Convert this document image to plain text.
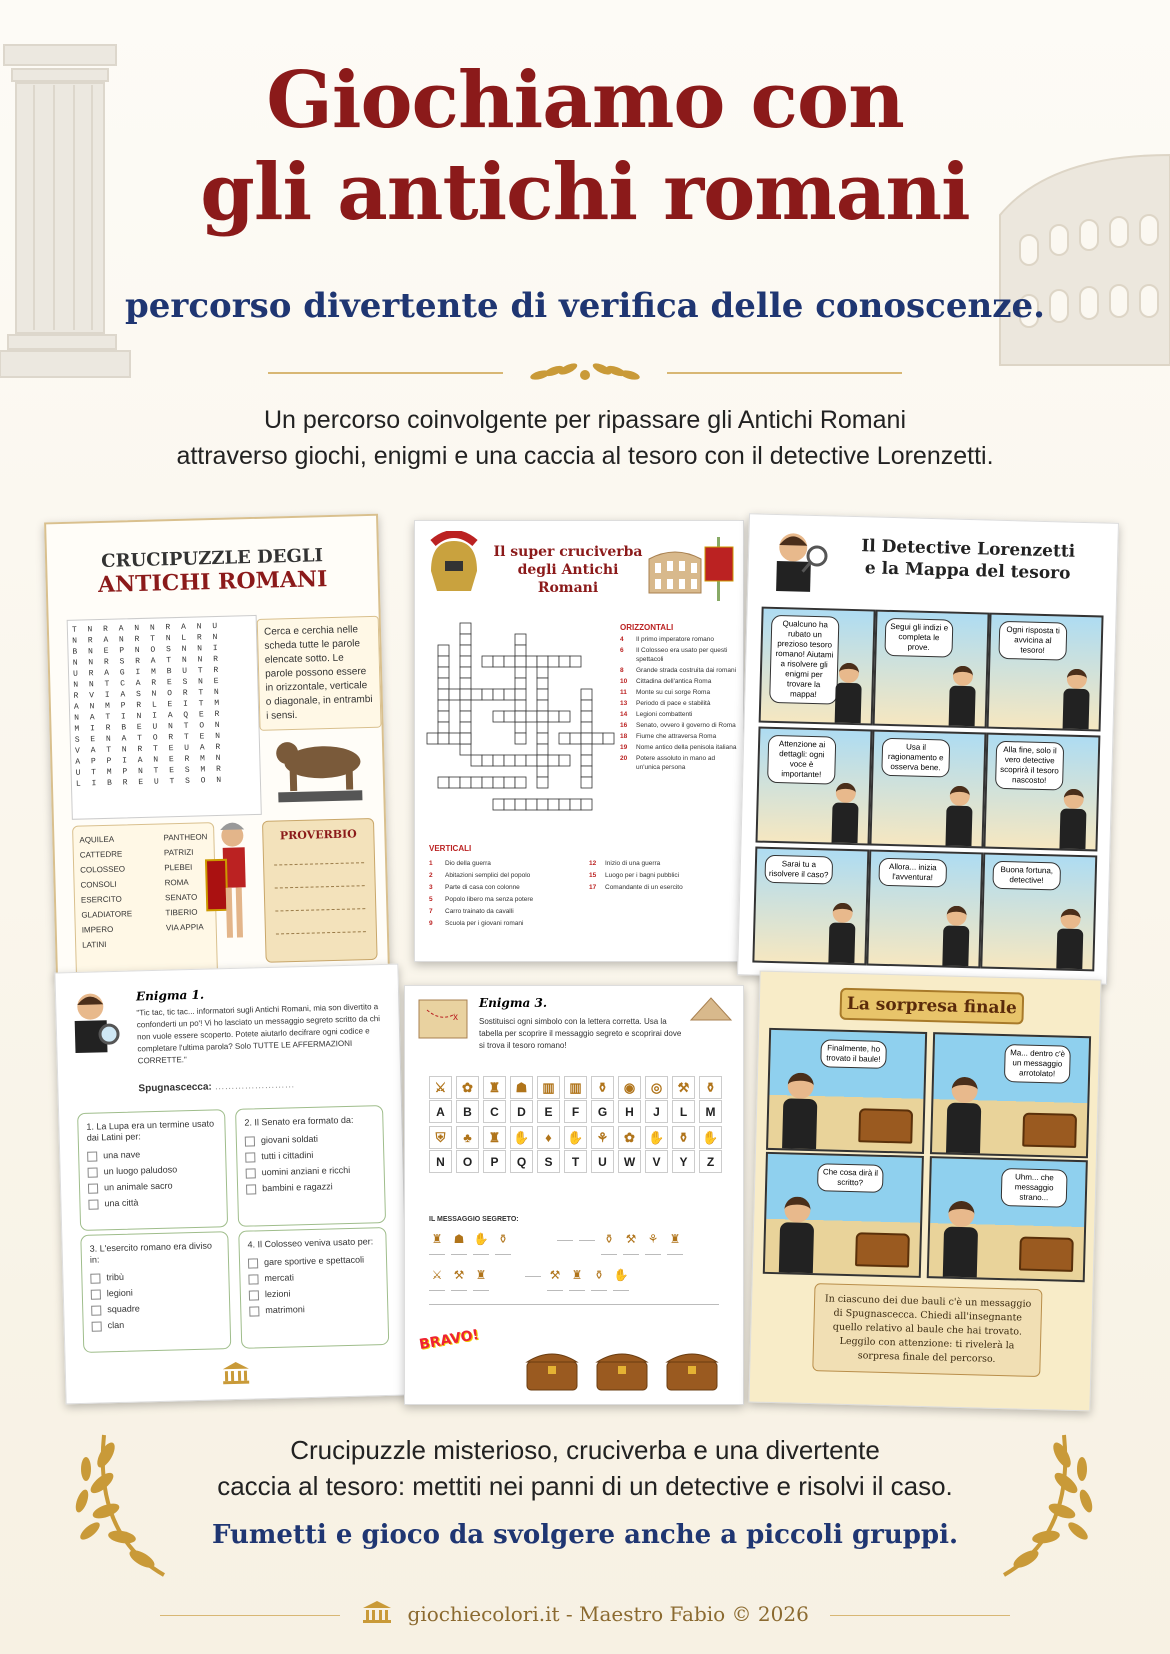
Giochiamo con
gli antichi romani
percorso divertente di verifica delle conoscenze.
Un percorso coinvolgente per ripassare gli Antichi Romani
attraverso giochi, enigmi e una caccia al tesoro con il detective Lorenzetti.
CRUCIPUZZLE DEGLI
ANTICHI ROMANI
T N R A N N R A N U
N R A N R T N L R N
B N E P N O S N N I
N N R S R A T N N R
U R A G I M B U T R
N N T C A R E S N E
R V I A S N O R T N
A N M P R L E I T M
N A T I N I A Q E R
M I R B E U N T O N
S E N A T O R T E N
V A T N R T E U A R
A P P I A N E R M N
U T M P N T E S M R
L I B R E U T S O N
Cerca e cerchia nelle scheda tutte le parole elencate sotto. Le parole possono essere in orizzontale, verticale o diagonale, in entrambi i sensi.
AQUILEA
CATTEDRE
COLOSSEO
CONSOLI
ESERCITO
GLADIATORE
IMPERO
LATINI
PANTHEON
PATRIZI
PLEBEI
ROMA
SENATO
TIBERIO
VIA APPIA
PROVERBIO
Il super cruciverba
degli Antichi Romani
ORIZZONTALI
4	Il primo imperatore romano
6	Il Colosseo era usato per questi spettacoli
8	Grande strada costruita dai romani
10	Cittadina dell'antica Roma
11	Monte su cui sorge Roma
13	Periodo di pace e stabilità
14	Legioni combattenti
16	Senato, ovvero il governo di Roma
18	Fiume che attraversa Roma
19	Nome antico della penisola italiana
20	Potere assoluto in mano ad un'unica persona
VERTICALI
1	Dio della guerra
2	Abitazioni semplici del popolo
3	Parte di casa con colonne
5	Popolo libero ma senza potere
7	Carro trainato da cavalli
9	Scuola per i giovani romani
12	Inizio di una guerra
15	Luogo per i bagni pubblici
17	Comandante di un esercito
Il Detective Lorenzetti
e la Mappa del tesoro
Qualcuno ha rubato un prezioso tesoro romano! Aiutami a risolvere gli enigmi per trovare la mappa!
Segui gli indizi e completa le prove.
Ogni risposta ti avvicina al tesoro!
Attenzione ai dettagli: ogni voce è importante!
Usa il ragionamento e osserva bene.
Alla fine, solo il vero detective scoprirà il tesoro nascosto!
Sarai tu a risolvere il caso?
Allora... inizia l'avventura!
Buona fortuna, detective!
Enigma 1.
"Tic tac, tic tac... informatori sugli Antichi Romani, mia son divertito a confonderti un po'! Vi ho lasciato un messaggio segreto scritto da chi non vuole essere scoperto. Potete aiutarlo decifrare ogni codice e completare l'ultima parola? Solo TUTTE LE AFFERMAZIONI CORRETTE."
Spugnascecca: ……………………
1. La Lupa era un termine usato dai Latini per:
una nave
un luogo paludoso
un animale sacro
una città
2. Il Senato era formato da:
giovani soldati
tutti i cittadini
uomini anziani e ricchi
bambini e ragazzi
3. L'esercito romano era diviso in:
tribù
legioni
squadre
clan
4. Il Colosseo veniva usato per:
gare sportive e spettacoli
mercati
lezioni
matrimoni
x
Enigma 3.
Sostituisci ogni simbolo con la lettera corretta. Usa la tabella per scoprire il messaggio segreto e scoprirai dove si trova il tesoro romano!
⚔	✿	♜	☗	▥	▥	⚱	◉	◎	⚒	⚱
A	B	C	D	E	F	G	H	J	L	M
⛨	♣	♜	✋	♦	✋	⚘	✿	✋	⚱	✋
N	O	P	Q	S	T	U	W	V	Y	Z
IL MESSAGGIO SEGRETO:
♜ ☗ ✋ ⚱	⚱ ⚒ ⚘ ♜
⚔ ⚒ ♜	⚒ ♜ ⚱ ✋
BRAVO!
La sorpresa finale
Finalmente, ho trovato il baule!	Ma... dentro c'è un messaggio arrotolato!
Che cosa dirà il scritto?
Uhm... che messaggio strano...
In ciascuno dei due bauli c'è un messaggio di Spugnascecca. Chiedi all'insegnante quello relativo al baule che hai trovato. Leggilo con attenzione: ti rivelerà la sorpresa finale del percorso.
Crucipuzzle misterioso, cruciverba e una divertente
caccia al tesoro: mettiti nei panni di un detective e risolvi il caso.
Fumetti e gioco da svolgere anche a piccoli gruppi.
giochiecolori.it - Maestro Fabio © 2026
